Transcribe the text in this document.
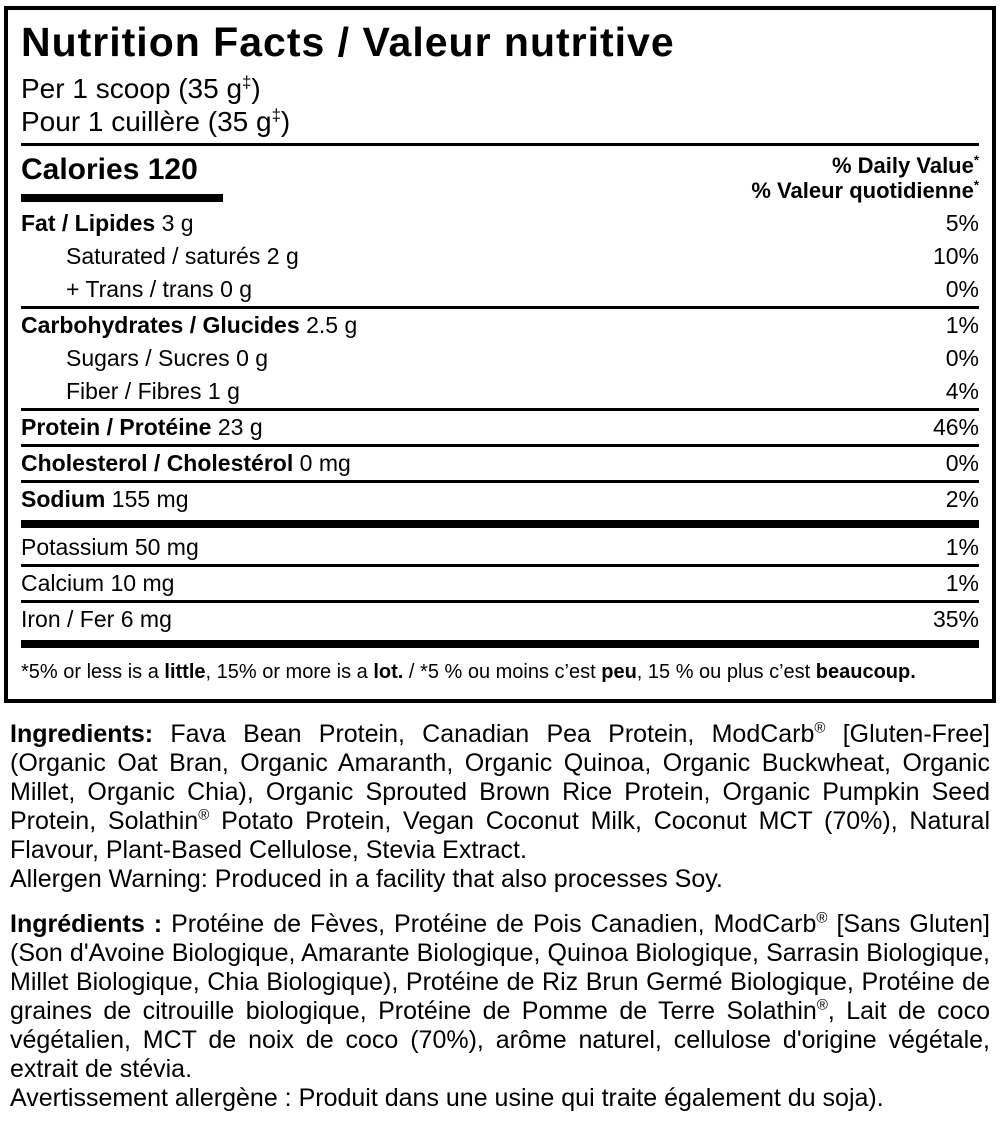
Nutrition Facts / Valeur nutritive
Per 1 scoop (35 g‡)
Pour 1 cuillère (35 g‡)
Calories 120	% Daily Value*
% Valeur quotidienne*
Fat / Lipides 3 g	5%
Saturated / saturés 2 g	10%
+ Trans / trans 0 g	0%
Carbohydrates / Glucides 2.5 g	1%
Sugars / Sucres 0 g	0%
Fiber / Fibres 1 g	4%
Protein / Protéine 23 g	46%
Cholesterol / Cholestérol 0 mg	0%
Sodium 155 mg	2%
Potassium 50 mg	1%
Calcium 10 mg	1%
Iron / Fer 6 mg	35%
*5% or less is a little, 15% or more is a lot. / *5 % ou moins c’est peu, 15 % ou plus c’est beaucoup.

Ingredients: Fava Bean Protein, Canadian Pea Protein, ModCarb® [Gluten-Free] (Organic Oat Bran, Organic Amaranth, Organic Quinoa, Organic Buckwheat, Organic Millet, Organic Chia), Organic Sprouted Brown Rice Protein, Organic Pumpkin Seed Protein, Solathin® Potato Protein, Vegan Coconut Milk, Coconut MCT (70%), Natural Flavour, Plant-Based Cellulose, Stevia Extract.

Allergen Warning: Produced in a facility that also processes Soy.

Ingrédients : Protéine de Fèves, Protéine de Pois Canadien, ModCarb® [Sans Gluten] (Son d'Avoine Biologique, Amarante Biologique, Quinoa Biologique, Sarrasin Biologique, Millet Biologique, Chia Biologique), Protéine de Riz Brun Germé Biologique, Protéine de graines de citrouille biologique, Protéine de Pomme de Terre Solathin®, Lait de coco végétalien, MCT de noix de coco (70%), arôme naturel, cellulose d'origine végétale, extrait de stévia.

Avertissement allergène : Produit dans une usine qui traite également du soja).
